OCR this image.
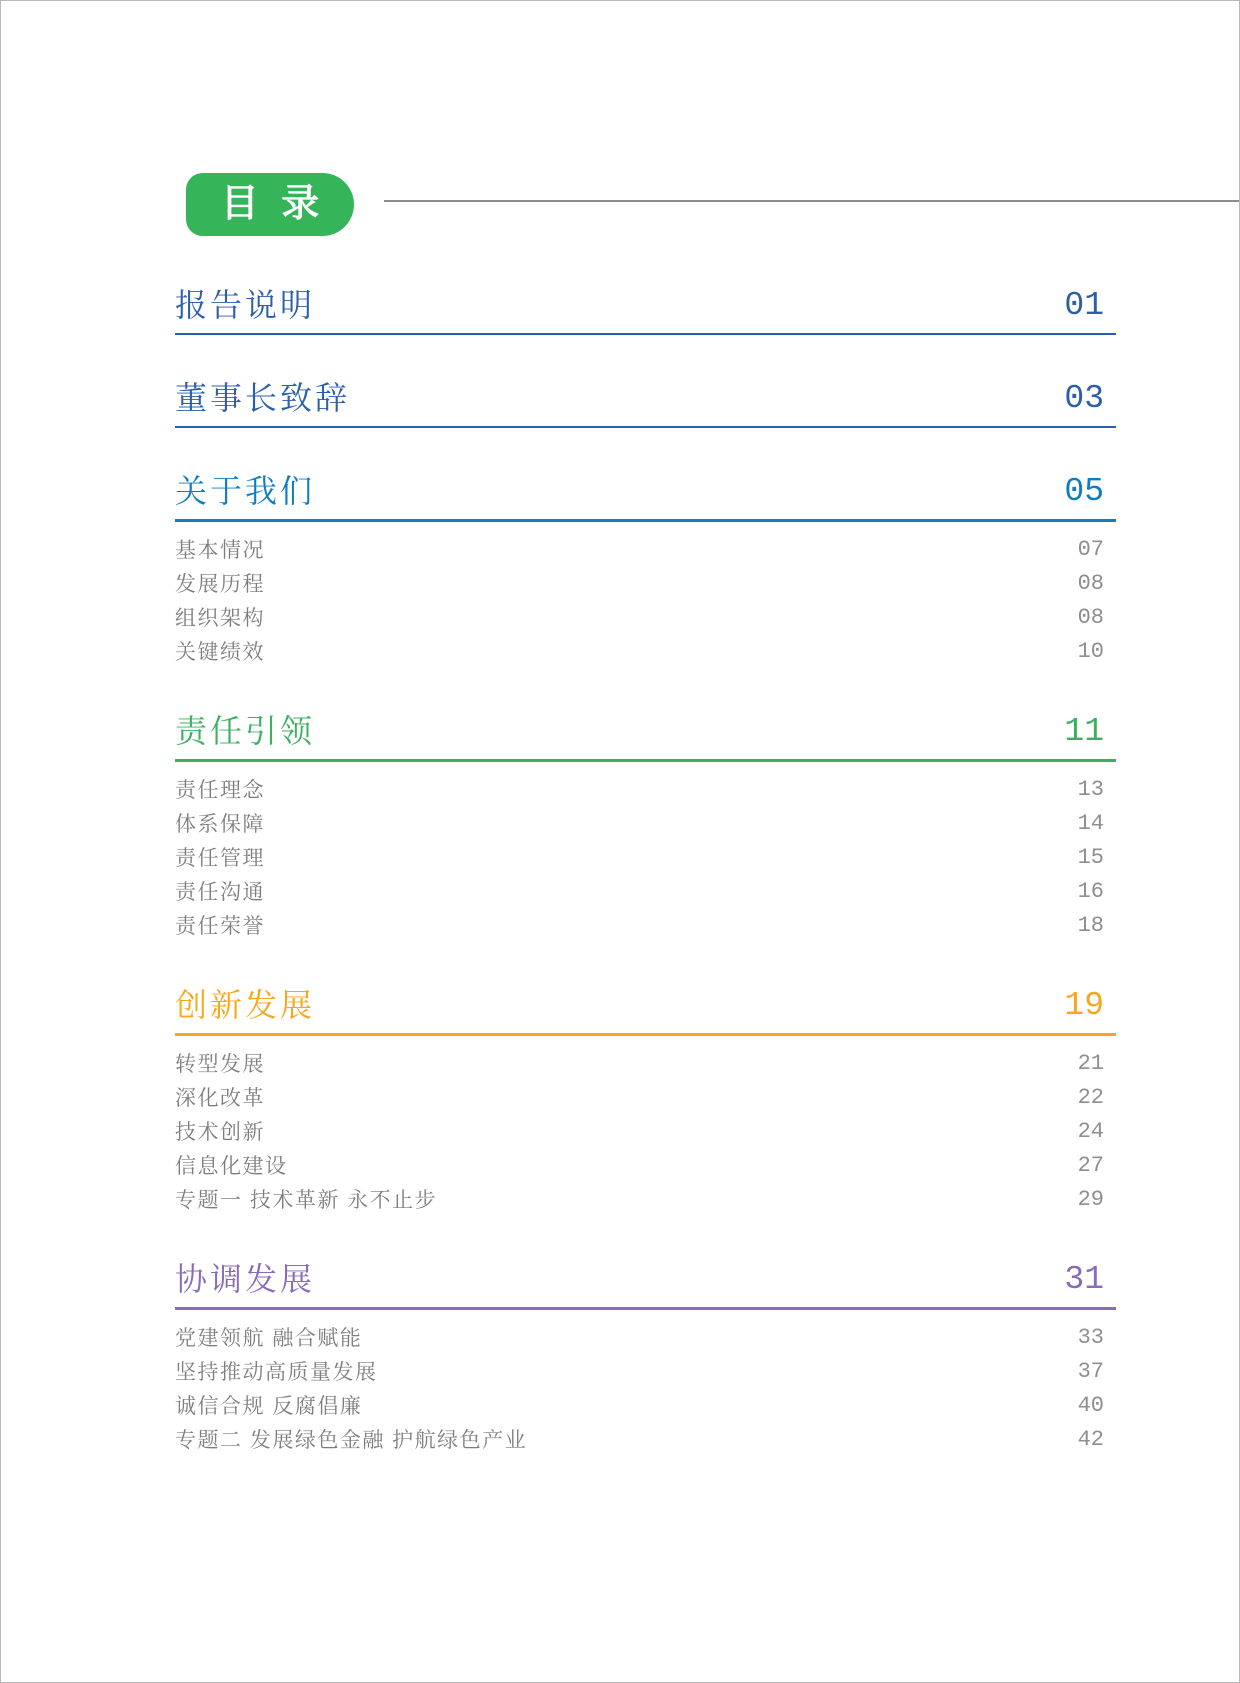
目 录
报告说明	01
董事长致辞	03
关于我们	05
基本情况	07
发展历程	08
组织架构	08
关键绩效	10
责任引领	11
责任理念	13
体系保障	14
责任管理	15
责任沟通	16
责任荣誉	18
创新发展	19
转型发展	21
深化改革	22
技术创新	24
信息化建设	27
专题一 技术革新 永不止步	29
协调发展	31
党建领航 融合赋能	33
坚持推动高质量发展	37
诚信合规 反腐倡廉	40
专题二 发展绿色金融 护航绿色产业	42
